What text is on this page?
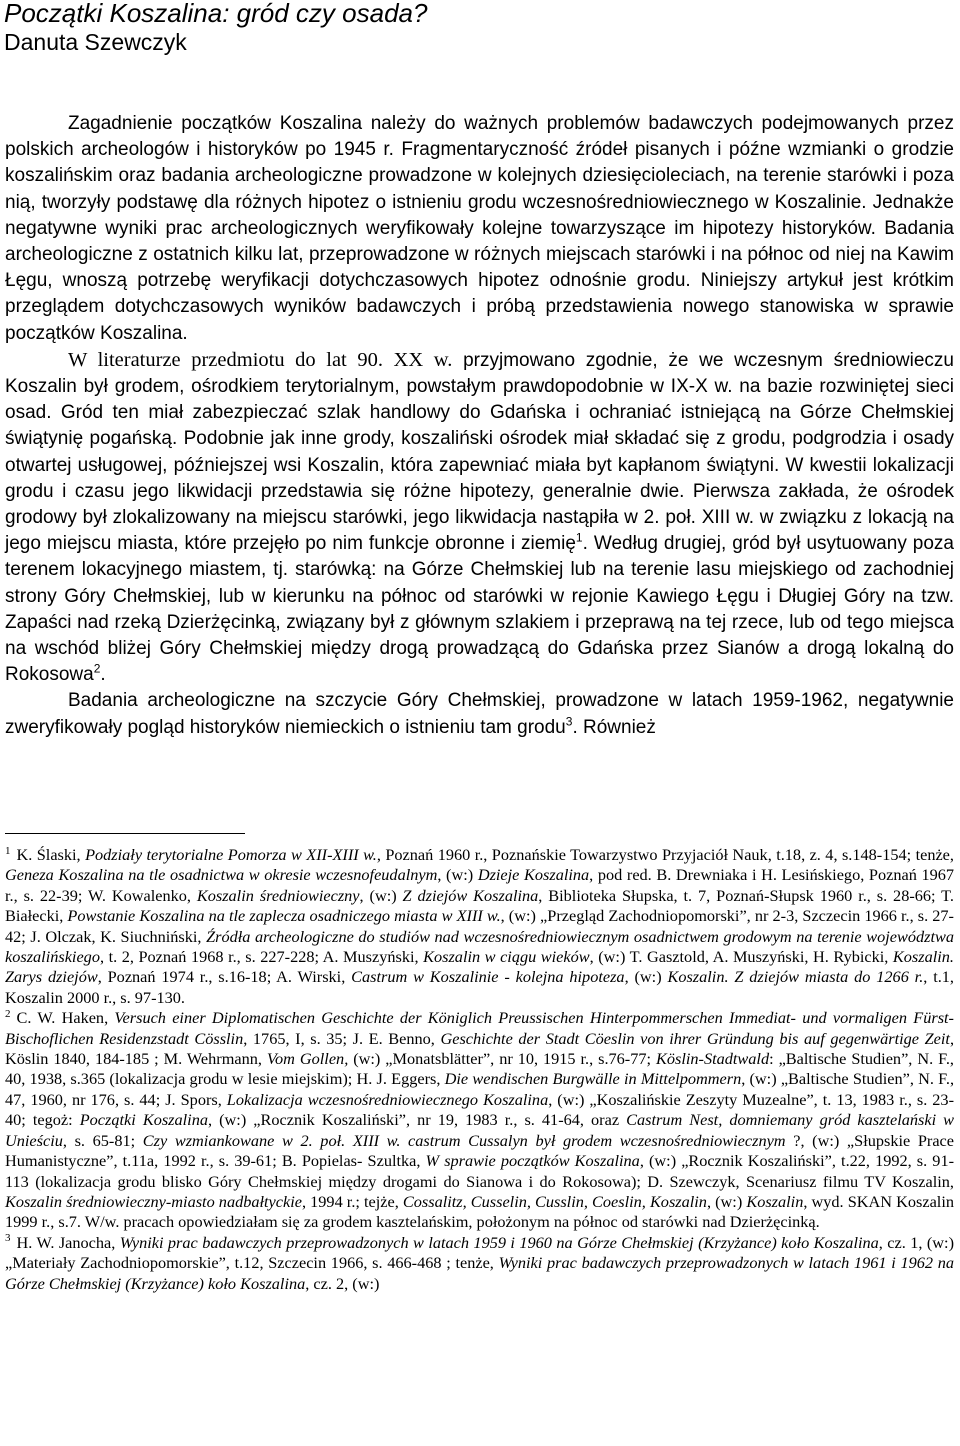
Początki Koszalina: gród czy osada?
Danuta Szewczyk

Zagadnienie początków Koszalina należy do ważnych problemów badawczych podejmowanych przez polskich archeologów i historyków po 1945 r. Fragmentaryczność źródeł pisanych i późne wzmianki o grodzie koszalińskim oraz badania archeologiczne prowadzone w kolejnych dziesięcioleciach, na terenie starówki i poza nią, tworzyły podstawę dla różnych hipotez o istnieniu grodu wczesnośredniowiecznego w Koszalinie. Jednakże negatywne wyniki prac archeologicznych weryfikowały kolejne towarzyszące im hipotezy historyków. Badania archeologiczne z ostatnich kilku lat, przeprowadzone w różnych miejscach starówki i na północ od niej na Kawim Łęgu, wnoszą potrzebę weryfikacji dotychczasowych hipotez odnośnie grodu. Niniejszy artykuł jest krótkim przeglądem dotychczasowych wyników badawczych i próbą przedstawienia nowego stanowiska w sprawie początków Koszalina.

W literaturze przedmiotu do lat 90. XX w. przyjmowano zgodnie, że we wczesnym średniowieczu Koszalin był grodem, ośrodkiem terytorialnym, powstałym prawdopodobnie w IX-X w. na bazie rozwiniętej sieci osad. Gród ten miał zabezpieczać szlak handlowy do Gdańska i ochraniać istniejącą na Górze Chełmskiej świątynię pogańską. Podobnie jak inne grody, koszaliński ośrodek miał składać się z grodu, podgrodzia i osady otwartej usługowej, późniejszej wsi Koszalin, która zapewniać miała byt kapłanom świątyni. W kwestii lokalizacji grodu i czasu jego likwidacji przedstawia się różne hipotezy, generalnie dwie. Pierwsza zakłada, że ośrodek grodowy był zlokalizowany na miejscu starówki, jego likwidacja nastąpiła w 2. poł. XIII w. w związku z lokacją na jego miejscu miasta, które przejęło po nim funkcje obronne i ziemię$^1$. Według drugiej, gród był usytuowany poza terenem lokacyjnego miastem, tj. starówką: na Górze Chełmskiej lub na terenie lasu miejskiego od zachodniej strony Góry Chełmskiej, lub w kierunku na północ od starówki w rejonie Kawiego Łęgu i Długiej Góry na tzw. Zapaści nad rzeką Dzierżęcinką, związany był z głównym szlakiem i przeprawą na tej rzece, lub od tego miejsca na wschód bliżej Góry Chełmskiej między drogą prowadzącą do Gdańska przez Sianów a drogą lokalną do Rokosowa$^2$.

Badania archeologiczne na szczycie Góry Chełmskiej, prowadzone w latach 1959-1962, negatywnie zweryfikowały pogląd historyków niemieckich o istnieniu tam grodu$^3$. Również

$^1$ K. Ślaski, Podziały terytorialne Pomorza w XII-XIII w., Poznań 1960 r., Poznańskie Towarzystwo Przyjaciół Nauk, t.18, z. 4, s.148-154; tenże, Geneza Koszalina na tle osadnictwa w okresie wczesnofeudalnym, (w:) Dzieje Koszalina, pod red. B. Drewniaka i H. Lesińskiego, Poznań 1967 r., s. 22-39; W. Kowalenko, Koszalin średniowieczny, (w:) Z dziejów Koszalina, Biblioteka Słupska, t. 7, Poznań-Słupsk 1960 r., s. 28-66; T. Białecki, Powstanie Koszalina na tle zaplecza osadniczego miasta w XIII w., (w:) „Przegląd Zachodniopomorski”, nr 2-3, Szczecin 1966 r., s. 27-42; J. Olczak, K. Siuchniński, Źródła archeologiczne do studiów nad wczesnośredniowiecznym osadnictwem grodowym na terenie województwa koszalińskiego, t. 2, Poznań 1968 r., s. 227-228; A. Muszyński, Koszalin w ciągu wieków, (w:) T. Gasztold, A. Muszyński, H. Rybicki, Koszalin. Zarys dziejów, Poznań 1974 r., s.16-18; A. Wirski, Castrum w Koszalinie - kolejna hipoteza, (w:) Koszalin. Z dziejów miasta do 1266 r., t.1, Koszalin 2000 r., s. 97-130.

$^2$ C. W. Haken, Versuch einer Diplomatischen Geschichte der Königlich Preussischen Hinterpommerschen Immediat- und vormaligen Fürst-Bischoflichen Residenzstadt Cösslin, 1765, I, s. 35; J. E. Benno, Geschichte der Stadt Cöeslin von ihrer Gründung bis auf gegenwärtige Zeit, Köslin 1840, 184-185 ; M. Wehrmann, Vom Gollen, (w:) „Monatsblätter”, nr 10, 1915 r., s.76-77; Köslin-Stadtwald: „Baltische Studien”, N. F., 40, 1938, s.365 (lokalizacja grodu w lesie miejskim); H. J. Eggers, Die wendischen Burgwälle in Mittelpommern, (w:) „Baltische Studien”, N. F., 47, 1960, nr 176, s. 44; J. Spors, Lokalizacja wczesnośredniowiecznego Koszalina, (w:) „Koszalińskie Zeszyty Muzealne”, t. 13, 1983 r., s. 23-40; tegoż: Początki Koszalina, (w:) „Rocznik Koszaliński”, nr 19, 1983 r., s. 41-64, oraz Castrum Nest, domniemany gród kasztelański w Unieściu, s. 65-81; Czy wzmiankowane w 2. poł. XIII w. castrum Cussalyn był grodem wczesnośredniowiecznym ?, (w:) „Słupskie Prace Humanistyczne”, t.11a, 1992 r., s. 39-61; B. Popielas- Szultka, W sprawie początków Koszalina, (w:) „Rocznik Koszaliński”, t.22, 1992, s. 91-113 (lokalizacja grodu blisko Góry Chełmskiej między drogami do Sianowa i do Rokosowa); D. Szewczyk, Scenariusz filmu TV Koszalin, Koszalin średniowieczny-miasto nadbałtyckie, 1994 r.; tejże, Cossalitz, Cusselin, Cusslin, Coeslin, Koszalin, (w:) Koszalin, wyd. SKAN Koszalin 1999 r., s.7. W/w. pracach opowiedziałam się za grodem kasztelańskim, położonym na północ od starówki nad Dzierżęcinką.

$^3$ H. W. Janocha, Wyniki prac badawczych przeprowadzonych w latach 1959 i 1960 na Górze Chełmskiej (Krzyżance) koło Koszalina, cz. 1, (w:) „Materiały Zachodniopomorskie”, t.12, Szczecin 1966, s. 466-468 ; tenże, Wyniki prac badawczych przeprowadzonych w latach 1961 i 1962 na Górze Chełmskiej (Krzyżance) koło Koszalina, cz. 2, (w:)
